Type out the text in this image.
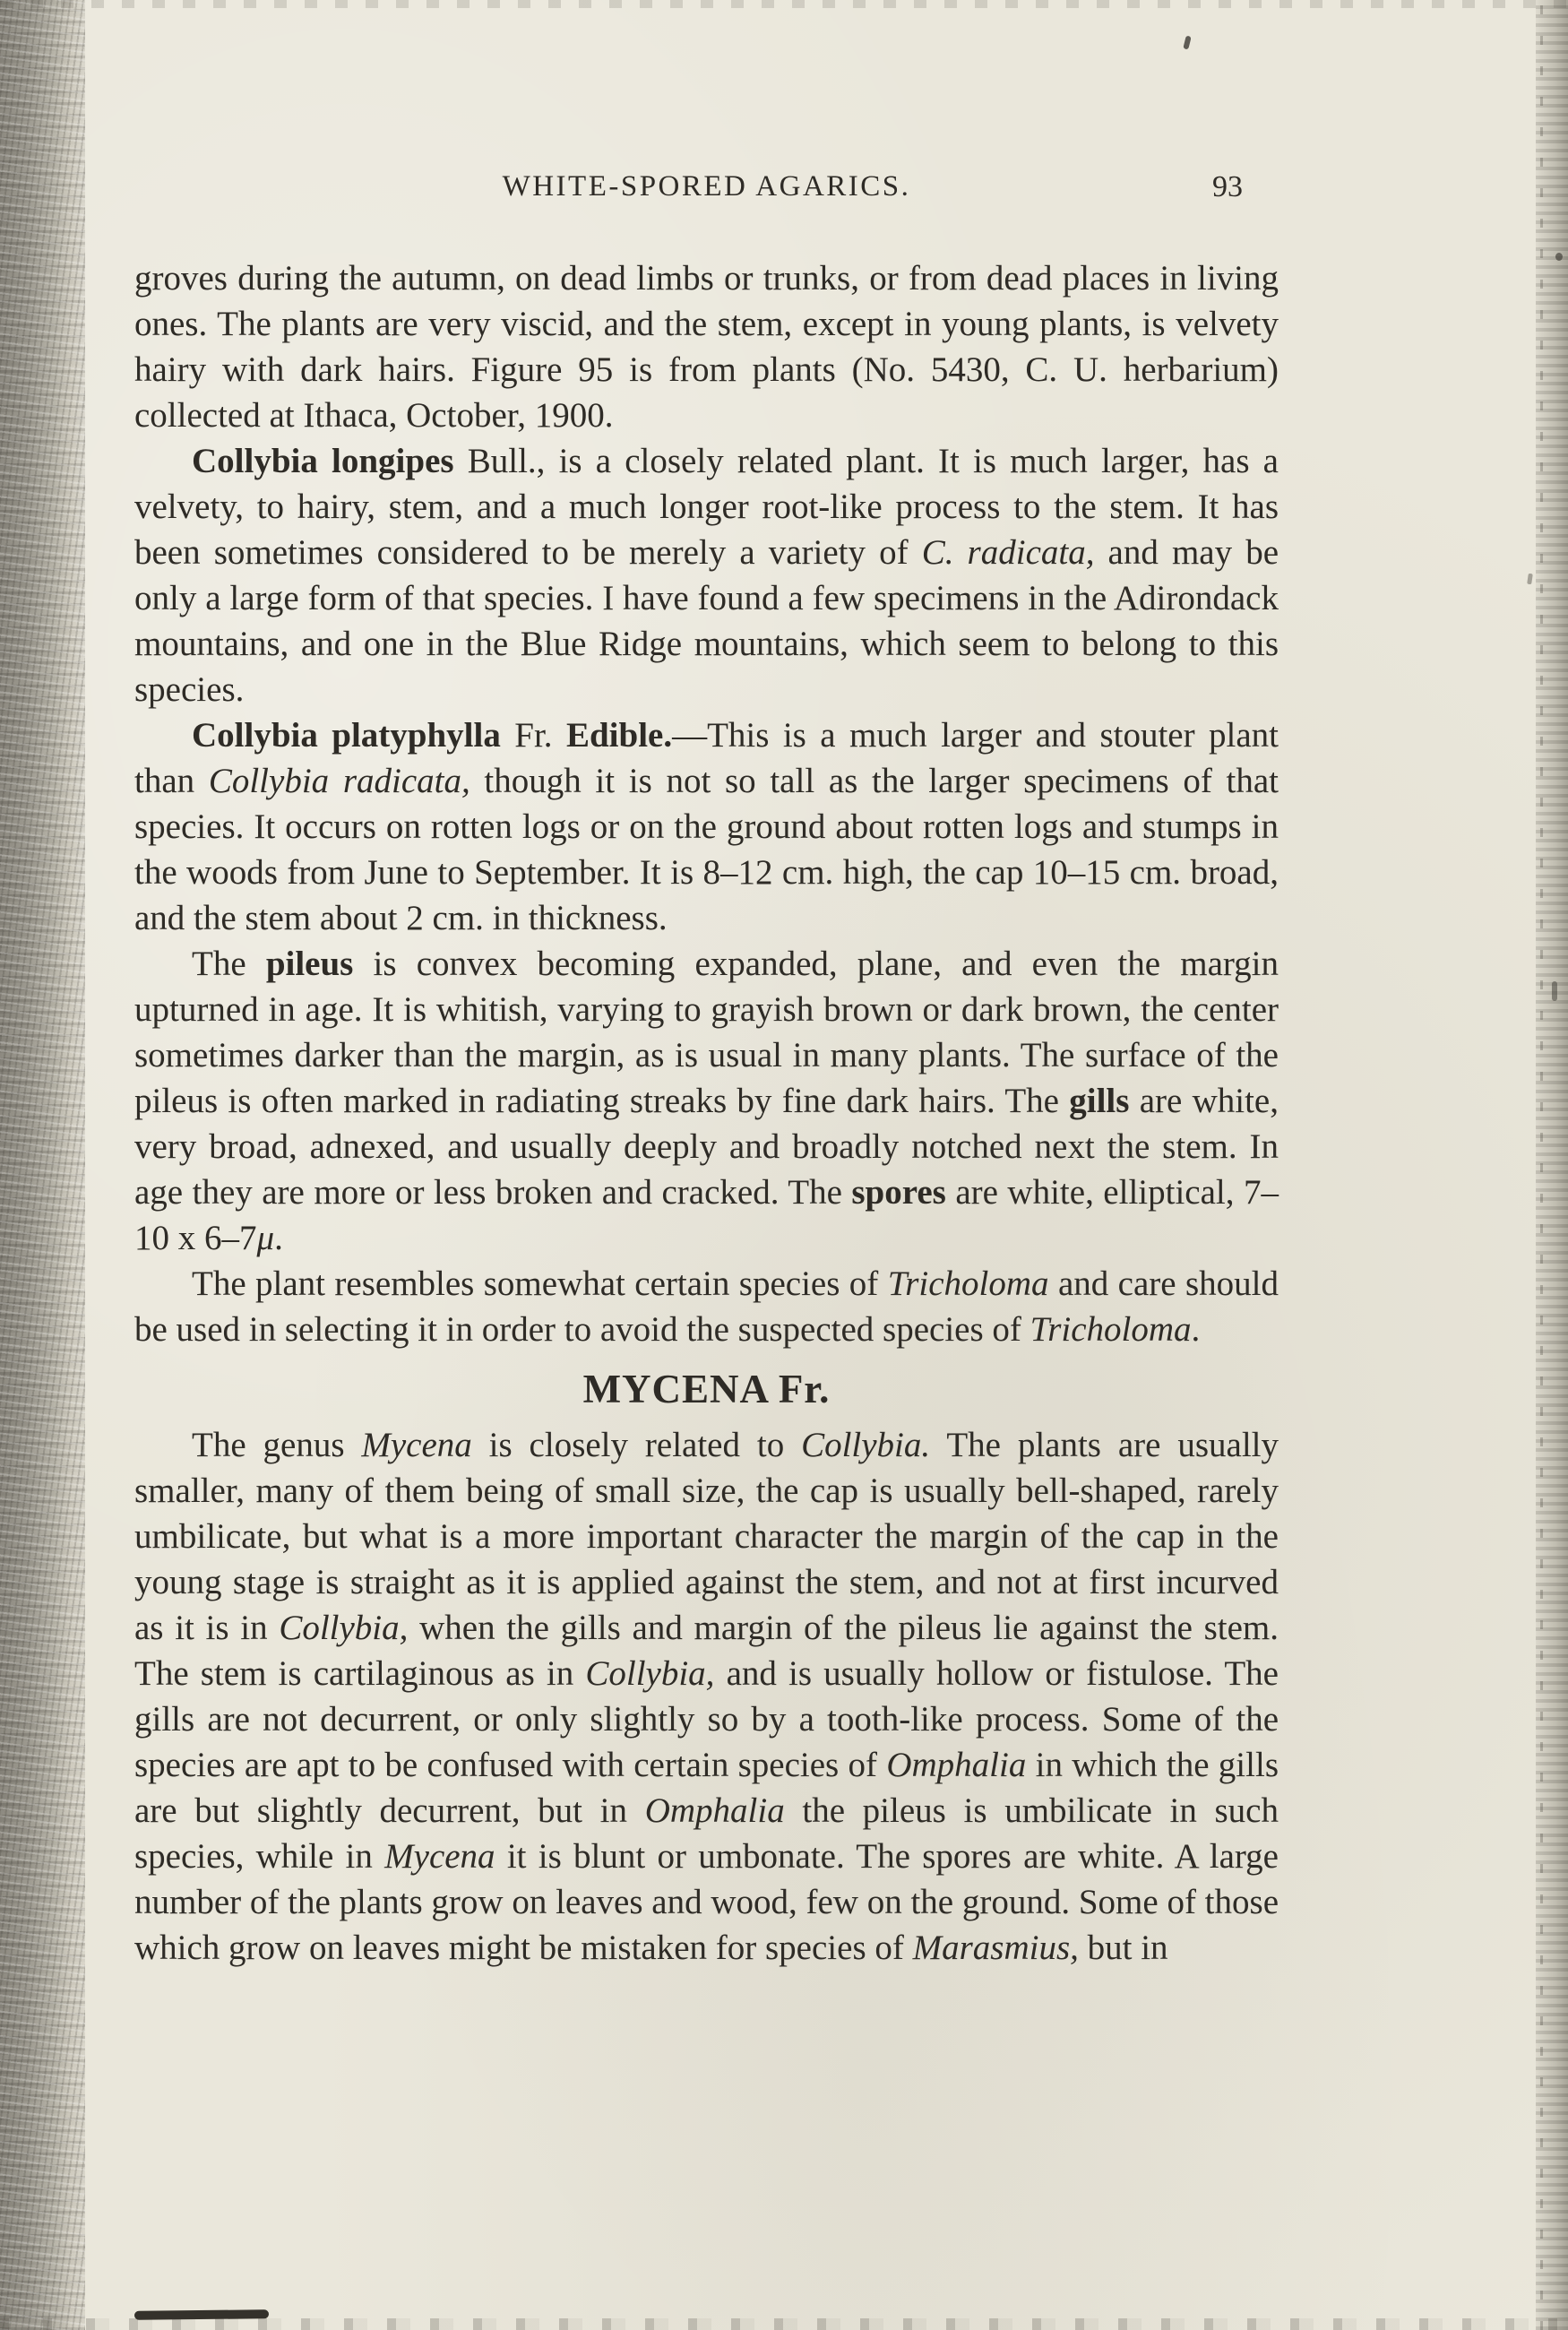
WHITE-SPORED AGARICS.	93

groves during the autumn, on dead limbs or trunks, or from dead places in living ones. The plants are very viscid, and the stem, except in young plants, is velvety hairy with dark hairs. Figure 95 is from plants (No. 5430, C. U. herbarium) collected at Ithaca, October, 1900.

Collybia longipes Bull., is a closely related plant. It is much larger, has a velvety, to hairy, stem, and a much longer root-like process to the stem. It has been sometimes considered to be merely a variety of C. radicata, and may be only a large form of that species. I have found a few specimens in the Adirondack mountains, and one in the Blue Ridge mountains, which seem to belong to this species.

Collybia platyphylla Fr. Edible.—This is a much larger and stouter plant than Collybia radicata, though it is not so tall as the larger specimens of that species. It occurs on rotten logs or on the ground about rotten logs and stumps in the woods from June to September. It is 8–12 cm. high, the cap 10–15 cm. broad, and the stem about 2 cm. in thickness.

The pileus is convex becoming expanded, plane, and even the margin upturned in age. It is whitish, varying to grayish brown or dark brown, the center sometimes darker than the margin, as is usual in many plants. The surface of the pileus is often marked in radiating streaks by fine dark hairs. The gills are white, very broad, adnexed, and usually deeply and broadly notched next the stem. In age they are more or less broken and cracked. The spores are white, elliptical, 7–10 x 6–7μ.

The plant resembles somewhat certain species of Tricholoma and care should be used in selecting it in order to avoid the suspected species of Tricholoma.

MYCENA Fr.

The genus Mycena is closely related to Collybia. The plants are usually smaller, many of them being of small size, the cap is usually bell-shaped, rarely umbilicate, but what is a more important character the margin of the cap in the young stage is straight as it is applied against the stem, and not at first incurved as it is in Collybia, when the gills and margin of the pileus lie against the stem. The stem is cartilaginous as in Collybia, and is usually hollow or fistulose. The gills are not decurrent, or only slightly so by a tooth-like process. Some of the species are apt to be confused with certain species of Omphalia in which the gills are but slightly decurrent, but in Omphalia the pileus is umbilicate in such species, while in Mycena it is blunt or umbonate. The spores are white. A large number of the plants grow on leaves and wood, few on the ground. Some of those which grow on leaves might be mistaken for species of Marasmius, but in
